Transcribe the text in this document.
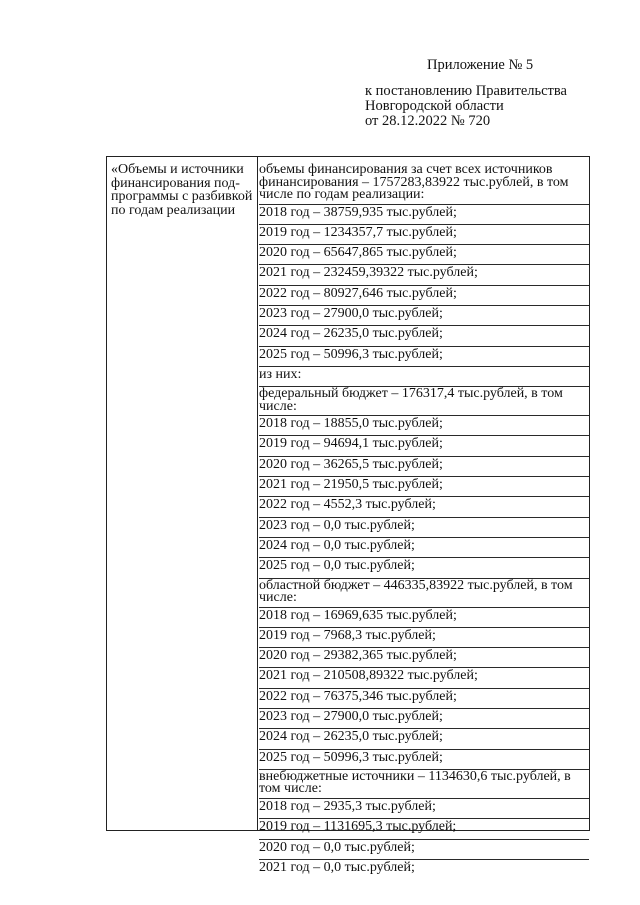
Приложение № 5
к постановлению Правительства
Новгородской области
от 28.12.2022 № 720
«Объемы и источники финансирования под-программы с разбивкой по годам реализации
объемы финансирования за счет всех источников финансирования – 1757283,83922 тыс.рублей, в том числе по годам реализации:
2018 год – 38759,935 тыс.рублей;
2019 год – 1234357,7 тыс.рублей;
2020 год – 65647,865 тыс.рублей;
2021 год – 232459,39322 тыс.рублей;
2022 год – 80927,646 тыс.рублей;
2023 год – 27900,0 тыс.рублей;
2024 год – 26235,0 тыс.рублей;
2025 год – 50996,3 тыс.рублей;
из них:
федеральный бюджет – 176317,4 тыс.рублей, в том числе:
2018 год – 18855,0 тыс.рублей;
2019 год – 94694,1 тыс.рублей;
2020 год – 36265,5 тыс.рублей;
2021 год – 21950,5 тыс.рублей;
2022 год – 4552,3 тыс.рублей;
2023 год – 0,0 тыс.рублей;
2024 год – 0,0 тыс.рублей;
2025 год – 0,0 тыс.рублей;
областной бюджет – 446335,83922 тыс.рублей, в том числе:
2018 год – 16969,635 тыс.рублей;
2019 год – 7968,3 тыс.рублей;
2020 год – 29382,365 тыс.рублей;
2021 год – 210508,89322 тыс.рублей;
2022 год – 76375,346 тыс.рублей;
2023 год – 27900,0 тыс.рублей;
2024 год – 26235,0 тыс.рублей;
2025 год – 50996,3 тыс.рублей;
внебюджетные источники – 1134630,6 тыс.рублей, в том числе:
2018 год – 2935,3 тыс.рублей;
2019 год – 1131695,3 тыс.рублей;
2020 год – 0,0 тыс.рублей;
2021 год – 0,0 тыс.рублей;
